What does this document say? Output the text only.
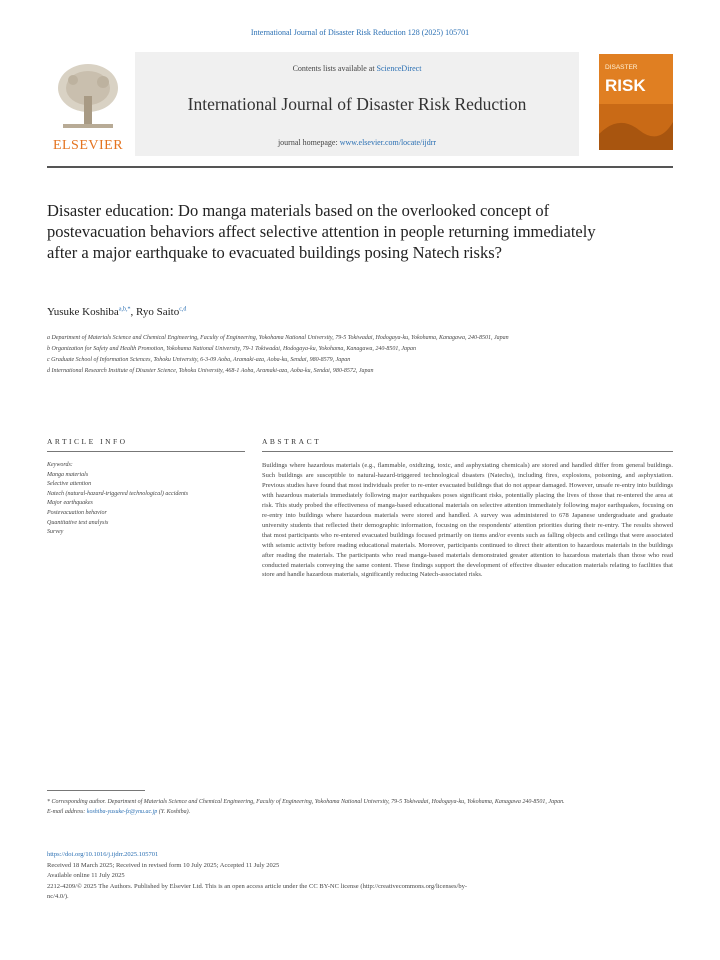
International Journal of Disaster Risk Reduction 128 (2025) 105701
ELSEVIER
Contents lists available at ScienceDirect
International Journal of Disaster Risk Reduction
journal homepage: www.elsevier.com/locate/ijdrr
DISASTER
RISK
Disaster education: Do manga materials based on the overlooked concept of postevacuation behaviors affect selective attention in people returning immediately after a major earthquake to evacuated buildings posing Natech risks?
Yusuke Koshiba$^{a,b,*}$, Ryo Saito$^{c,d}$
a Department of Materials Science and Chemical Engineering, Faculty of Engineering, Yokohama National University, 79-5 Tokiwadai, Hodogaya-ku, Yokohama, Kanagawa, 240-8501, Japan
b Organization for Safety and Health Promotion, Yokohama National University, 79-1 Tokiwadai, Hodogaya-ku, Yokohama, Kanagawa, 240-8501, Japan
c Graduate School of Information Sciences, Tohoku University, 6-3-09 Aoba, Aramaki-aza, Aoba-ku, Sendai, 980-8579, Japan
d International Research Institute of Disaster Science, Tohoku University, 468-1 Aoba, Aramaki-aza, Aoba-ku, Sendai, 980-8572, Japan
ARTICLE INFO	ABSTRACT
Keywords:
Manga materials
Selective attention
Natech (natural-hazard-triggered technological) accidents
Major earthquakes
Postevacuation behavior
Quantitative text analysis
Survey
Buildings where hazardous materials (e.g., flammable, oxidizing, toxic, and asphyxiating chemicals) are stored and handled differ from general buildings. Such buildings are susceptible to natural-hazard-triggered technological disasters (Natechs), including fires, explosions, poisoning, and asphyxiation. Previous studies have found that most individuals prefer to re-enter evacuated buildings that do not appear damaged. However, unsafe re-entry into buildings with hazardous materials immediately following major earthquakes poses significant risks, potentially placing the lives of those that re-entered the area at risk. This study probed the effectiveness of manga-based educational materials on selective attention immediately following major earthquakes, focusing on re-entry into buildings where hazardous materials were stored and handled. A survey was administered to 678 Japanese undergraduate and graduate university students that reflected their demographic information, focusing on the respondents' attention priorities during their re-entry. The results showed that most participants who re-entered evacuated buildings focused primarily on items and/or events such as falling objects and ceilings that were associated with seismic activity before reading educational materials. Moreover, participants continued to direct their attention to hazardous materials in the buildings after reading the materials. The participants who read manga-based materials demonstrated greater attention to hazardous materials than those who read conducted materials conveying the same content. These findings support the development of effective disaster education materials relating to facilities that store and handle hazardous materials, significantly reducing Natech-associated risks.
* Corresponding author. Department of Materials Science and Chemical Engineering, Faculty of Engineering, Yokohama National University, 79-5 Tokiwadai, Hodogaya-ku, Yokohama, Kanagawa 240-8501, Japan.
E-mail address: koshiba-yusuke-fz@ynu.ac.jp (Y. Koshiba).
https://doi.org/10.1016/j.ijdrr.2025.105701
Received 18 March 2025; Received in revised form 10 July 2025; Accepted 11 July 2025
Available online 11 July 2025
2212-4209/© 2025 The Authors. Published by Elsevier Ltd. This is an open access article under the CC BY-NC license (http://creativecommons.org/licenses/by-nc/4.0/).
